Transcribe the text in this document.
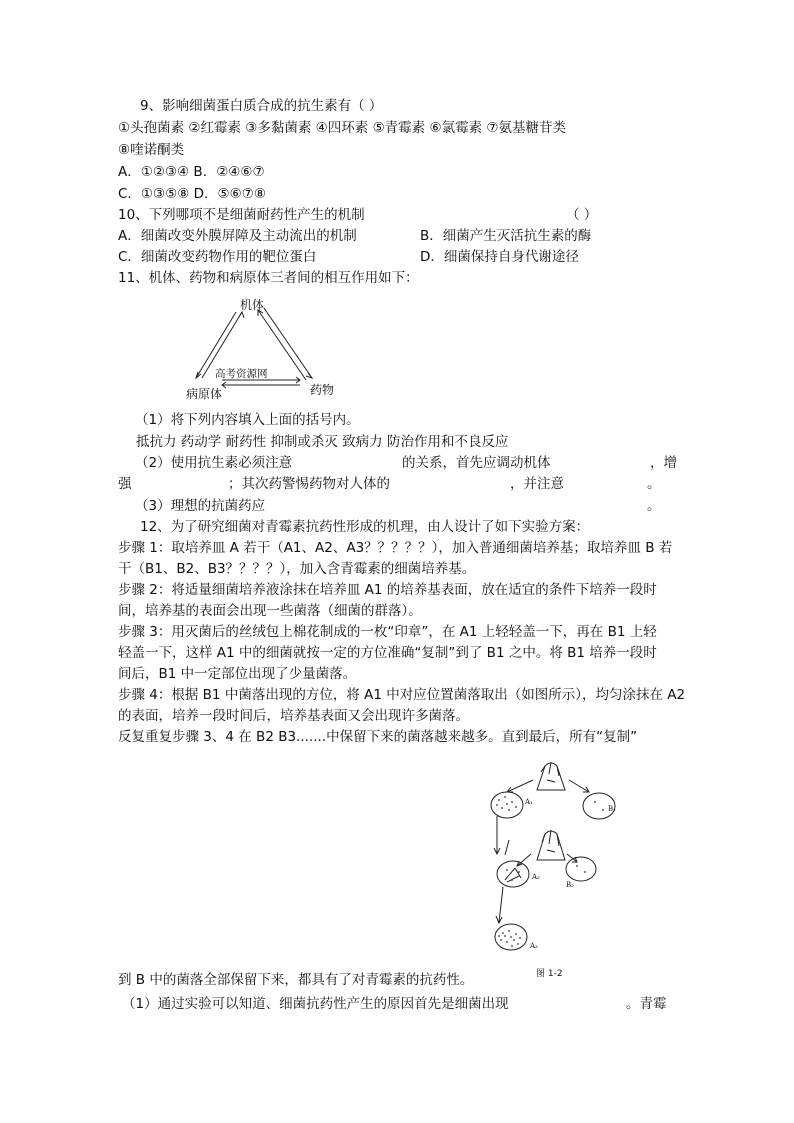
9、影响细菌蛋白质合成的抗生素有（ ）
①头孢菌素 ②红霉素 ③多黏菌素 ④四环素 ⑤青霉素 ⑥氯霉素 ⑦氨基糖苷类
⑧喹诺酮类
A．①②③④ B．②④⑥⑦
C．①③⑤⑧ D．⑤⑥⑦⑧
10、下列哪项不是细菌耐药性产生的机制	（ ）
A．细菌改变外膜屏障及主动流出的机制	B．细菌产生灭活抗生素的酶
C．细菌改变药物作用的靶位蛋白	D．细菌保持自身代谢途径
11、机体、药物和病原体三者间的相互作用如下：
机体
病原体	药物
高考资源网
（1）将下列内容填入上面的括号内。
抵抗力 药动学 耐药性 抑制或杀灭 致病力 防治作用和不良反应
（2）使用抗生素必须注意	的关系，首先应调动机体	，增
强	；其次药警惕药物对人体的	，并注意	。
（3）理想的抗菌药应	。
12、为了研究细菌对青霉素抗药性形成的机理，由人设计了如下实验方案：
步骤 1：取培养皿 A 若干（A1、A2、A3？？？？？），加入普通细菌培养基；取培养皿 B 若
干（B1、B2、B3？？？？），加入含青霉素的细菌培养基。
步骤 2：将适量细菌培养液涂抹在培养皿 A1 的培养基表面，放在适宜的条件下培养一段时
间，培养基的表面会出现一些菌落（细菌的群落）。
步骤 3：用灭菌后的丝绒包上棉花制成的一枚“印章”，在 A1 上轻轻盖一下，再在 B1 上轻
轻盖一下，这样 A1 中的细菌就按一定的方位准确“复制”到了 B1 之中。将 B1 培养一段时
间后，B1 中一定部位出现了少量菌落。
步骤 4：根据 B1 中菌落出现的方位，将 A1 中对应位置菌落取出（如图所示），均匀涂抹在 A2
的表面，培养一段时间后，培养基表面又会出现许多菌落。
反复重复步骤 3、4 在 B2 B3.......中保留下来的菌落越来越多。直到最后，所有“复制”
A₁
B₁
A₂
B₂
A₃
图 1-2
到 B 中的菌落全部保留下来，都具有了对青霉素的抗药性。
（1）通过实验可以知道、细菌抗药性产生的原因首先是细菌出现	。青霉
